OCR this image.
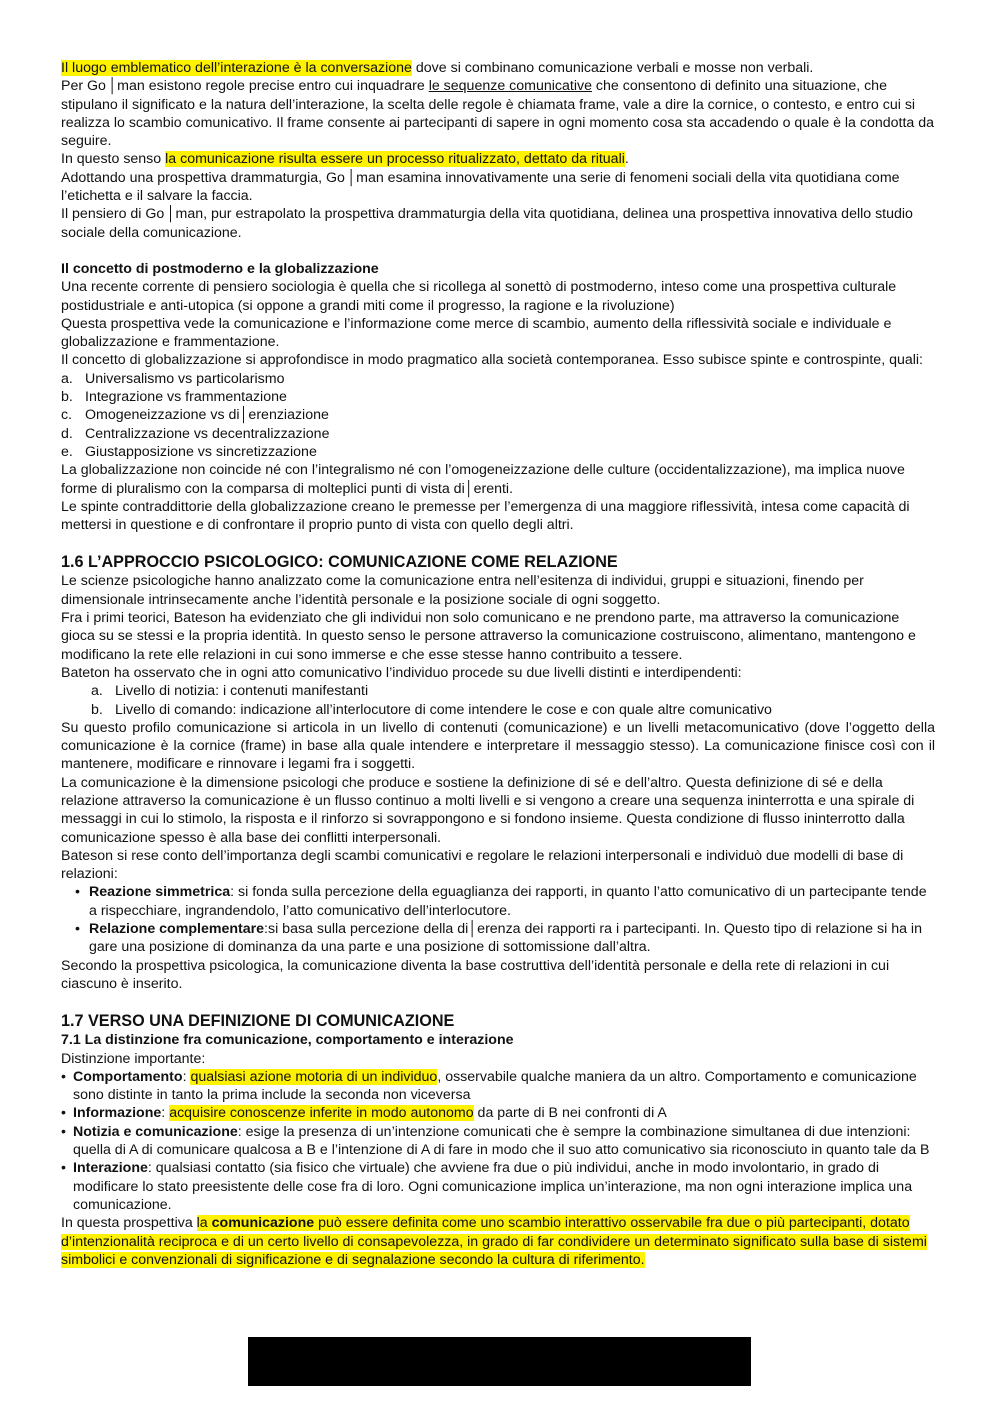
Il luogo emblematico dell’interazione è la conversazione dove si combinano comunicazione verbali e mosse non verbali.

Per Go │man esistono regole precise entro cui inquadrare le sequenze comunicative che consentono di definito una situazione, che stipulano il significato e la natura dell’interazione, la scelta delle regole è chiamata frame, vale a dire la cornice, o contesto, e entro cui si realizza lo scambio comunicativo. Il frame consente ai partecipanti di sapere in ogni momento cosa sta accadendo o quale è la condotta da seguire.

In questo senso la comunicazione risulta essere un processo ritualizzato, dettato da rituali.

Adottando una prospettiva drammaturgia, Go │man esamina innovativamente una serie di fenomeni sociali della vita quotidiana come l’etichetta e il salvare la faccia.

Il pensiero di Go │man, pur estrapolato la prospettiva drammaturgia della vita quotidiana, delinea una prospettiva innovativa dello studio sociale della comunicazione.

Il concetto di postmoderno e la globalizzazione

Una recente corrente di pensiero sociologia è quella che si ricollega al sonettò di postmoderno, inteso come una prospettiva culturale postidustriale e anti-utopica (si oppone a grandi miti come il progresso, la ragione e la rivoluzione)

Questa prospettiva vede la comunicazione e l’informazione come merce di scambio, aumento della riflessività sociale e individuale e globalizzazione e frammentazione.

Il concetto di globalizzazione si approfondisce in modo pragmatico alla società contemporanea. Esso subisce spinte e controspinte, quali:

a. Universalismo vs particolarismo
b. Integrazione vs frammentazione
c. Omogeneizzazione vs di│erenziazione
d. Centralizzazione vs decentralizzazione
e. Giustapposizione vs sincretizzazione

La globalizzazione non coincide né con l’integralismo né con l’omogeneizzazione delle culture (occidentalizzazione), ma implica nuove forme di pluralismo con la comparsa di molteplici punti di vista di│erenti.

Le spinte contraddittorie della globalizzazione creano le premesse per l’emergenza di una maggiore riflessività, intesa come capacità di mettersi in questione e di confrontare il proprio punto di vista con quello degli altri.

1.6 L’APPROCCIO PSICOLOGICO: COMUNICAZIONE COME RELAZIONE

Le scienze psicologiche hanno analizzato come la comunicazione entra nell’esitenza di individui, gruppi e situazioni, finendo per dimensionale intrinsecamente anche l’identità personale e la posizione sociale di ogni soggetto.

Fra i primi teorici, Bateson ha evidenziato che gli individui non solo comunicano e ne prendono parte, ma attraverso la comunicazione gioca su se stessi e la propria identità. In questo senso le persone attraverso la comunicazione costruiscono, alimentano, mantengono e modificano la rete elle relazioni in cui sono immerse e che esse stesse hanno contribuito a tessere.

Bateton ha osservato che in ogni atto comunicativo l’individuo procede su due livelli distinti e interdipendenti:

a. Livello di notizia: i contenuti manifestanti
b. Livello di comando: indicazione all’interlocutore di come intendere le cose e con quale altre comunicativo

Su questo profilo comunicazione si articola in un livello di contenuti (comunicazione) e un livelli metacomunicativo (dove l’oggetto della comunicazione è la cornice (frame) in base alla quale intendere e interpretare il messaggio stesso). La comunicazione finisce così con il mantenere, modificare e rinnovare i legami fra i soggetti.

La comunicazione è la dimensione psicologi che produce e sostiene la definizione di sé e dell’altro. Questa definizione di sé e della relazione attraverso la comunicazione è un flusso continuo a molti livelli e si vengono a creare una sequenza ininterrotta e una spirale di messaggi in cui lo stimolo, la risposta e il rinforzo si sovrappongono e si fondono insieme. Questa condizione di flusso ininterrotto dalla comunicazione spesso è alla base dei conflitti interpersonali.

Bateson si rese conto dell’importanza degli scambi comunicativi e regolare le relazioni interpersonali e individuò due modelli di base di relazioni:

• Reazione simmetrica: si fonda sulla percezione della eguaglianza dei rapporti, in quanto l’atto comunicativo di un partecipante tende a rispecchiare, ingrandendolo, l’atto comunicativo dell’interlocutore.
• Relazione complementare:si basa sulla percezione della di│erenza dei rapporti ra i partecipanti. In. Questo tipo di relazione si ha in gare una posizione di dominanza da una parte e una posizione di sottomissione dall’altra.

Secondo la prospettiva psicologica, la comunicazione diventa la base costruttiva dell’identità personale e della rete di relazioni in cui ciascuno è inserito.

1.7 VERSO UNA DEFINIZIONE DI COMUNICAZIONE
7.1 La distinzione fra comunicazione, comportamento e interazione

Distinzione importante:

• Comportamento: qualsiasi azione motoria di un individuo, osservabile qualche maniera da un altro. Comportamento e comunicazione sono distinte in tanto la prima include la seconda non viceversa
• Informazione: acquisire conoscenze inferite in modo autonomo da parte di B nei confronti di A
• Notizia e comunicazione: esige la presenza di un’intenzione comunicati che è sempre la combinazione simultanea di due intenzioni: quella di A di comunicare qualcosa a B e l’intenzione di A di fare in modo che il suo atto comunicativo sia riconosciuto in quanto tale da B
• Interazione: qualsiasi contatto (sia fisico che virtuale) che avviene fra due o più individui, anche in modo involontario, in grado di modificare lo stato preesistente delle cose fra di loro. Ogni comunicazione implica un’interazione, ma non ogni interazione implica una comunicazione.

In questa prospettiva la comunicazione può essere definita come uno scambio interattivo osservabile fra due o più partecipanti, dotato d’intenzionalità reciproca e di un certo livello di consapevolezza, in grado di far condividere un determinato significato sulla base di sistemi simbolici e convenzionali di significazione e di segnalazione secondo la cultura di riferimento.
